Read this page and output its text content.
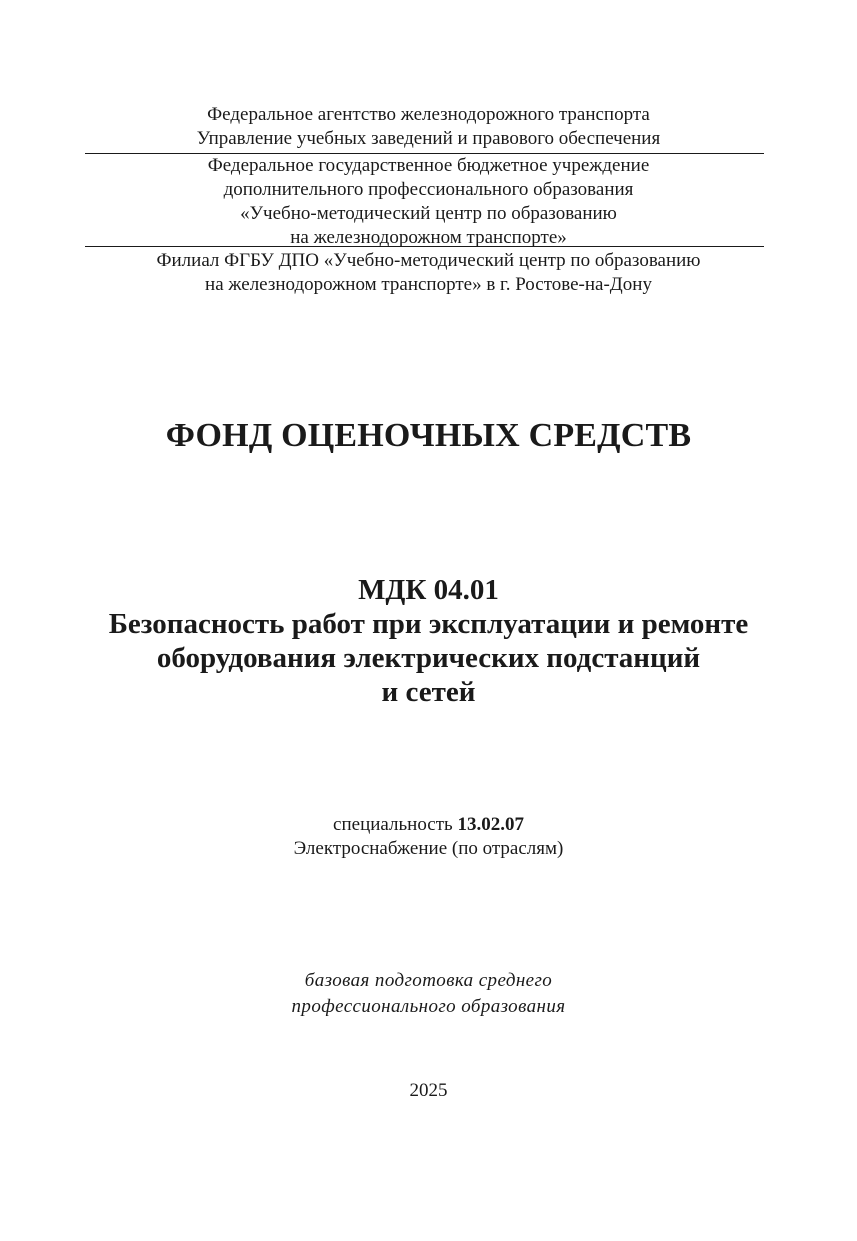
Федеральное агентство железнодорожного транспорта
Управление учебных заведений и правового обеспечения
Федеральное государственное бюджетное учреждение
дополнительного профессионального образования
«Учебно-методический центр по образованию
на железнодорожном транспорте»
Филиал ФГБУ ДПО «Учебно-методический центр по образованию
на железнодорожном транспорте» в г. Ростове-на-Дону
ФОНД ОЦЕНОЧНЫХ СРЕДСТВ
МДК 04.01
Безопасность работ при эксплуатации и ремонте
оборудования электрических подстанций
и сетей
специальность 13.02.07
Электроснабжение (по отраслям)
базовая подготовка среднего
профессионального образования
2025
